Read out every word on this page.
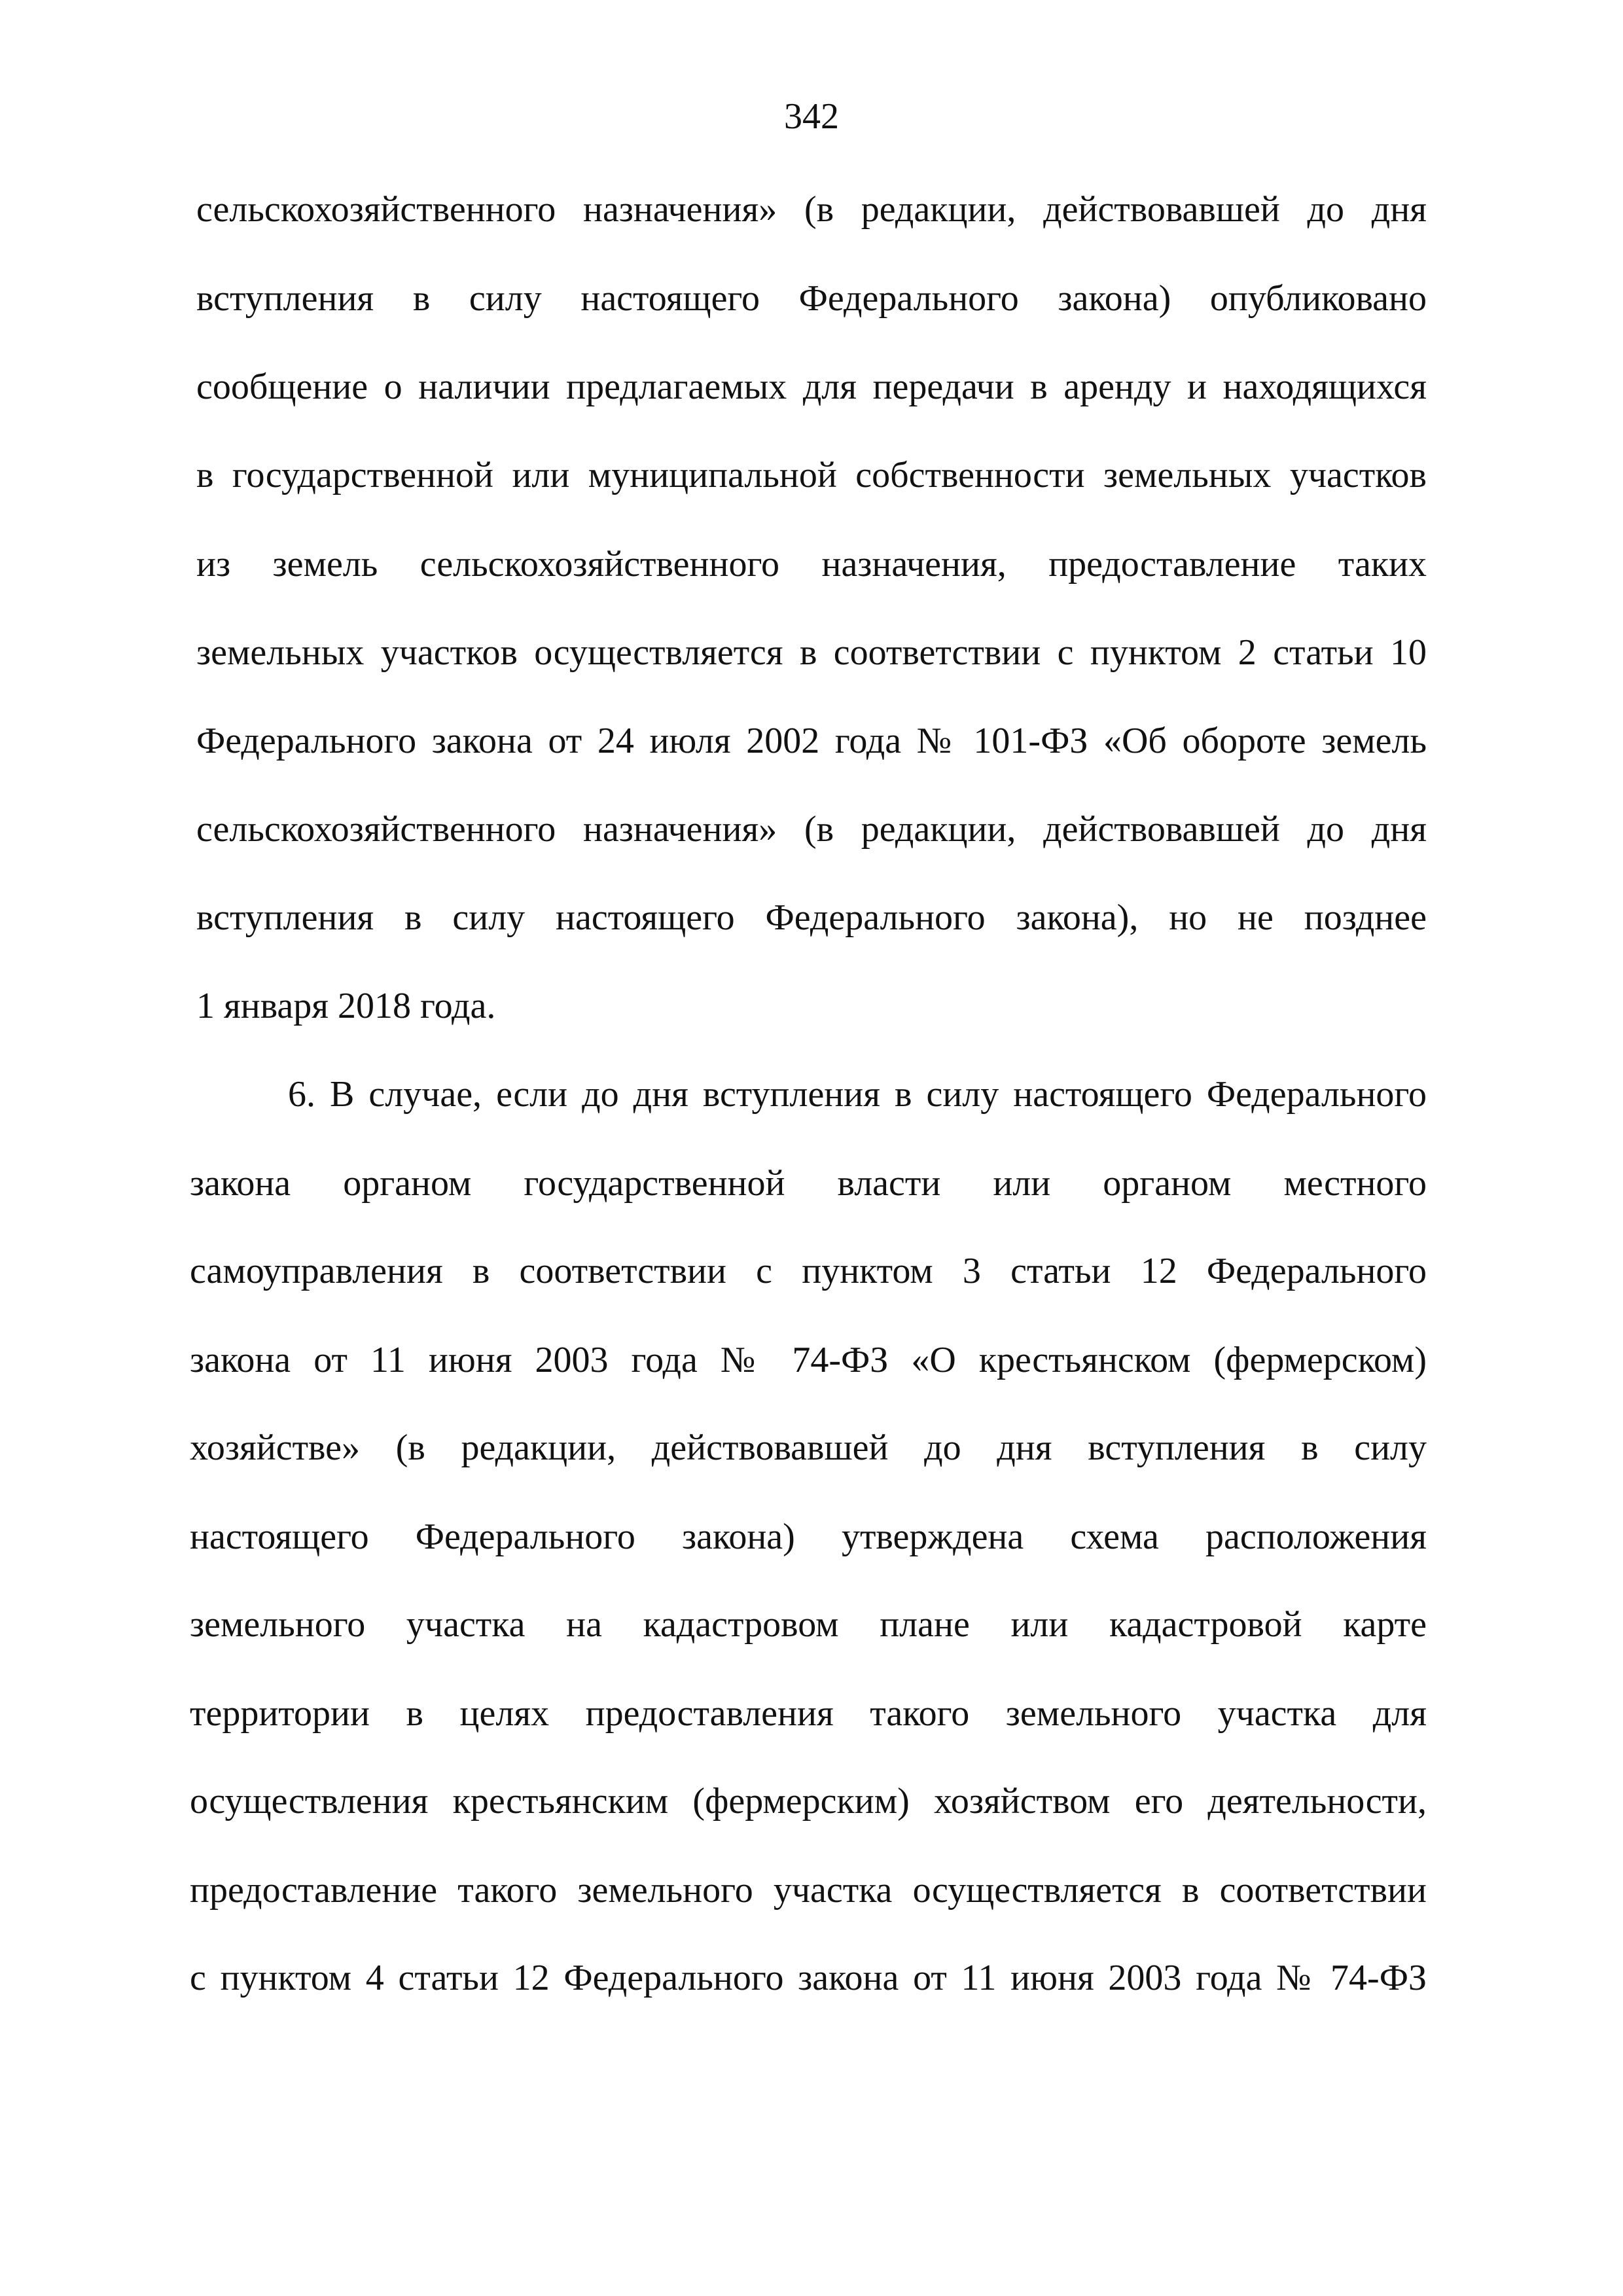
342
сельскохозяйственного назначения» (в редакции, действовавшей до дня
вступления в силу настоящего Федерального закона) опубликовано
сообщение о наличии предлагаемых для передачи в аренду и находящихся
в государственной или муниципальной собственности земельных участков
из земель сельскохозяйственного назначения, предоставление таких
земельных участков осуществляется в соответствии с пунктом 2 статьи 10
Федерального закона от 24 июля 2002 года № 101-ФЗ «Об обороте земель
сельскохозяйственного назначения» (в редакции, действовавшей до дня
вступления в силу настоящего Федерального закона), но не позднее
1 января 2018 года.
6. В случае, если до дня вступления в силу настоящего Федерального
закона органом государственной власти или органом местного
самоуправления в соответствии с пунктом 3 статьи 12 Федерального
закона от 11 июня 2003 года № 74-ФЗ «О крестьянском (фермерском)
хозяйстве» (в редакции, действовавшей до дня вступления в силу
настоящего Федерального закона) утверждена схема расположения
земельного участка на кадастровом плане или кадастровой карте
территории в целях предоставления такого земельного участка для
осуществления крестьянским (фермерским) хозяйством его деятельности,
предоставление такого земельного участка осуществляется в соответствии
с пунктом 4 статьи 12 Федерального закона от 11 июня 2003 года № 74-ФЗ
